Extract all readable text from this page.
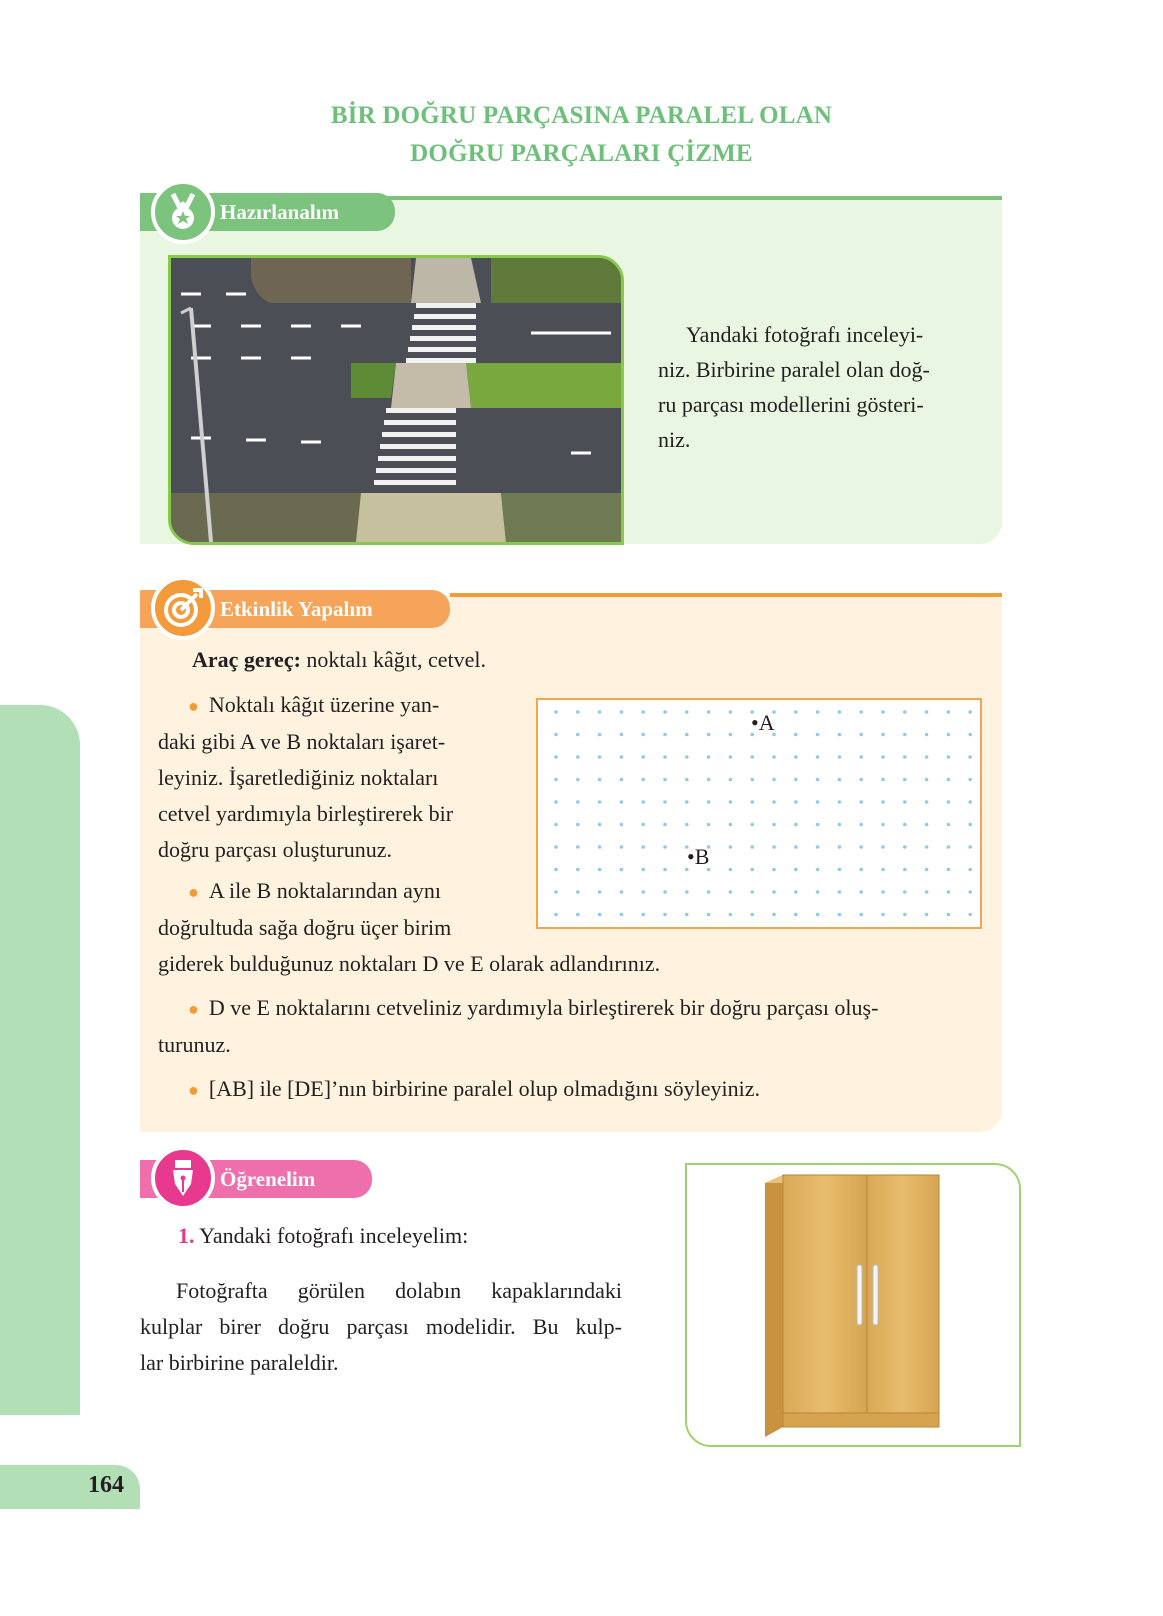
BİR DOĞRU PARÇASINA PARALEL OLAN
DOĞRU PARÇALARI ÇİZME
Hazırlanalım
Yandaki fotoğrafı inceleyi-
niz. Birbirine paralel olan doğ-
ru parçası modellerini gösteri-
niz.
Etkinlik Yapalım
Araç gereç: noktalı kâğıt, cetvel.
● Noktalı kâğıt üzerine yan-
daki gibi A ve B noktaları işaret-
leyiniz. İşaretlediğiniz noktaları
cetvel yardımıyla birleştirerek bir
doğru parçası oluşturunuz.
● A ile B noktalarından aynı
doğrultuda sağa doğru üçer birim
giderek bulduğunuz noktaları D ve E olarak adlandırınız.
● D ve E noktalarını cetveliniz yardımıyla birleştirerek bir doğru parçası oluş-
turunuz.
● [AB] ile [DE]’nın birbirine paralel olup olmadığını söyleyiniz.
•A
•B
Öğrenelim
1. Yandaki fotoğrafı inceleyelim:
Fotoğrafta görülen dolabın kapaklarındaki
kulplar birer doğru parçası modelidir. Bu kulp-
lar birbirine paraleldir.
164
